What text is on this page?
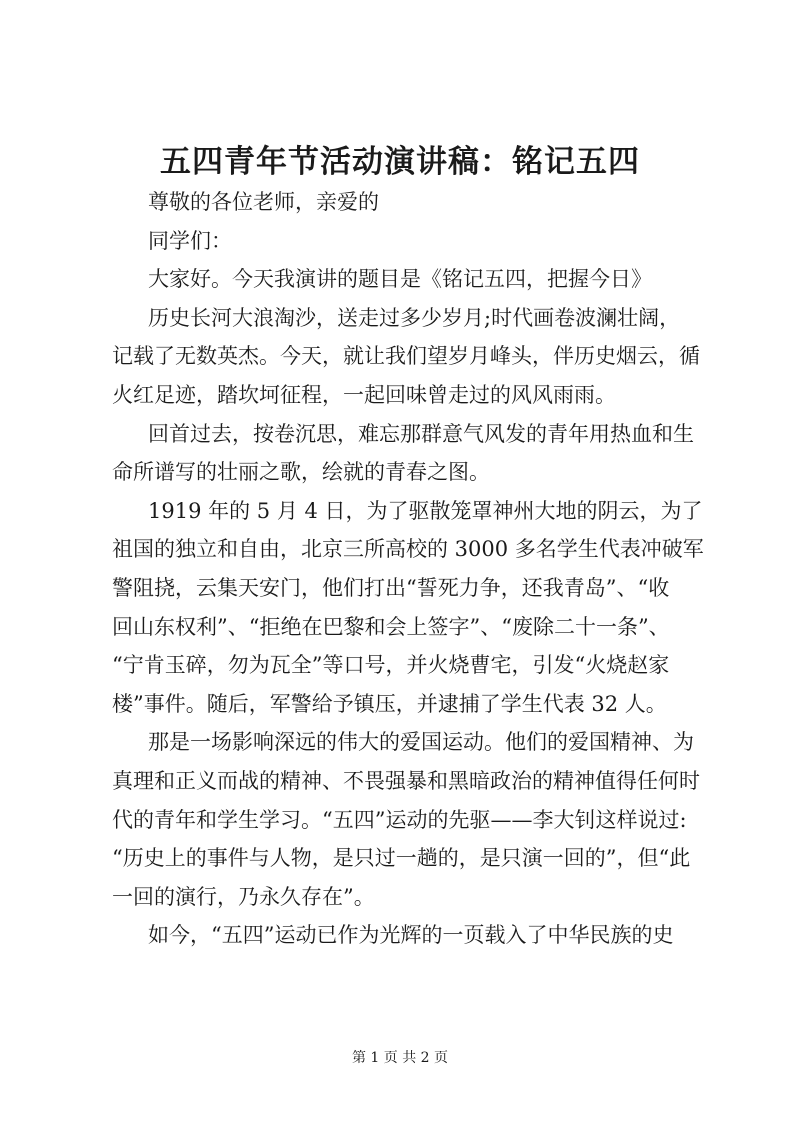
五四青年节活动演讲稿：铭记五四
尊敬的各位老师，亲爱的
同学们：
大家好。今天我演讲的题目是《铭记五四，把握今日》
历史长河大浪淘沙，送走过多少岁月;时代画卷波澜壮阔，
记载了无数英杰。今天，就让我们望岁月峰头，伴历史烟云，循
火红足迹，踏坎坷征程，一起回味曾走过的风风雨雨。
回首过去，按卷沉思，难忘那群意气风发的青年用热血和生
命所谱写的壮丽之歌，绘就的青春之图。
1919 年的 5 月 4 日，为了驱散笼罩神州大地的阴云，为了
祖国的独立和自由，北京三所高校的 3000 多名学生代表冲破军
警阻挠，云集天安门，他们打出“誓死力争，还我青岛”、“收
回山东权利”、“拒绝在巴黎和会上签字”、“废除二十一条”、
“宁肯玉碎，勿为瓦全”等口号，并火烧曹宅，引发“火烧赵家
楼”事件。随后，军警给予镇压，并逮捕了学生代表 32 人。
那是一场影响深远的伟大的爱国运动。他们的爱国精神、为
真理和正义而战的精神、不畏强暴和黑暗政治的精神值得任何时
代的青年和学生学习。“五四”运动的先驱——李大钊这样说过:
“历史上的事件与人物，是只过一趟的，是只演一回的”，但“此
一回的演行，乃永久存在”。
如今，“五四”运动已作为光辉的一页载入了中华民族的史
第 1 页 共 2 页
